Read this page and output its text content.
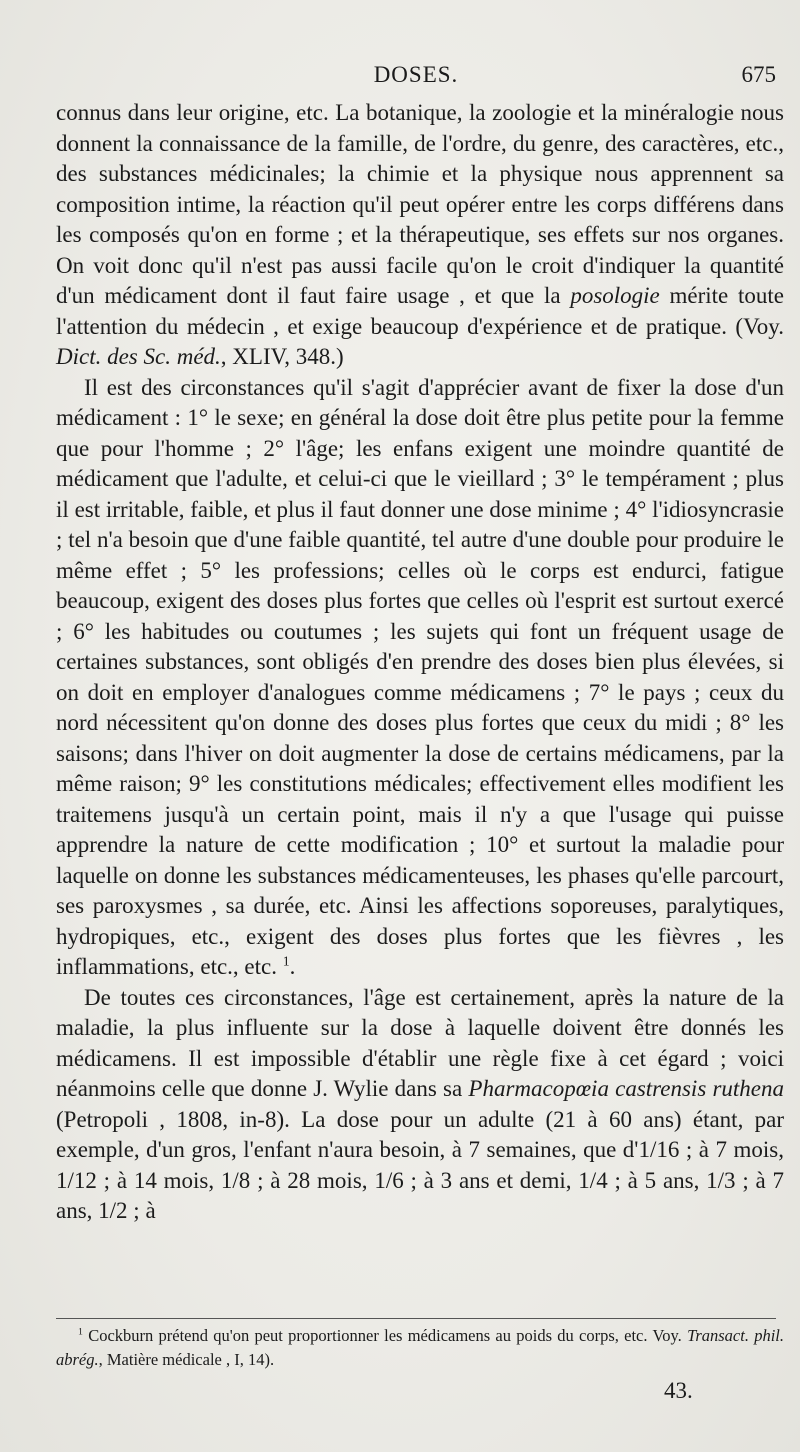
DOSES.	675

connus dans leur origine, etc. La botanique, la zoologie et la minéralogie nous donnent la connaissance de la famille, de l'ordre, du genre, des caractères, etc., des substances médicinales; la chimie et la physique nous apprennent sa composition intime, la réaction qu'il peut opérer entre les corps différens dans les composés qu'on en forme ; et la thérapeutique, ses effets sur nos organes. On voit donc qu'il n'est pas aussi facile qu'on le croit d'indiquer la quantité d'un médicament dont il faut faire usage , et que la posologie mérite toute l'attention du médecin , et exige beaucoup d'expérience et de pratique. (Voy. Dict. des Sc. méd., XLIV, 348.)

Il est des circonstances qu'il s'agit d'apprécier avant de fixer la dose d'un médicament : 1° le sexe; en général la dose doit être plus petite pour la femme que pour l'homme ; 2° l'âge; les enfans exigent une moindre quantité de médicament que l'adulte, et celui-ci que le vieillard ; 3° le tempérament ; plus il est irritable, faible, et plus il faut donner une dose minime ; 4° l'idiosyncrasie ; tel n'a besoin que d'une faible quantité, tel autre d'une double pour produire le même effet ; 5° les professions; celles où le corps est endurci, fatigue beaucoup, exigent des doses plus fortes que celles où l'esprit est surtout exercé ; 6° les habitudes ou coutumes ; les sujets qui font un fréquent usage de certaines substances, sont obligés d'en prendre des doses bien plus élevées, si on doit en employer d'analogues comme médicamens ; 7° le pays ; ceux du nord nécessitent qu'on donne des doses plus fortes que ceux du midi ; 8° les saisons; dans l'hiver on doit augmenter la dose de certains médicamens, par la même raison; 9° les constitutions médicales; effectivement elles modifient les traitemens jusqu'à un certain point, mais il n'y a que l'usage qui puisse apprendre la nature de cette modification ; 10° et surtout la maladie pour laquelle on donne les substances médicamenteuses, les phases qu'elle parcourt, ses paroxysmes , sa durée, etc. Ainsi les affections soporeuses, paralytiques, hydropiques, etc., exigent des doses plus fortes que les fièvres , les inflammations, etc., etc. $^1$.

De toutes ces circonstances, l'âge est certainement, après la nature de la maladie, la plus influente sur la dose à laquelle doivent être donnés les médicamens. Il est impossible d'établir une règle fixe à cet égard ; voici néanmoins celle que donne J. Wylie dans sa Pharmacopœia castrensis ruthena (Petropoli , 1808, in-8). La dose pour un adulte (21 à 60 ans) étant, par exemple, d'un gros, l'enfant n'aura besoin, à 7 semaines, que d'1/16 ; à 7 mois, 1/12 ; à 14 mois, 1/8 ; à 28 mois, 1/6 ; à 3 ans et demi, 1/4 ; à 5 ans, 1/3 ; à 7 ans, 1/2 ; à

$^1$ Cockburn prétend qu'on peut proportionner les médicamens au poids du corps, etc. Voy. Transact. phil. abrég., Matière médicale , I, 14).

43.
